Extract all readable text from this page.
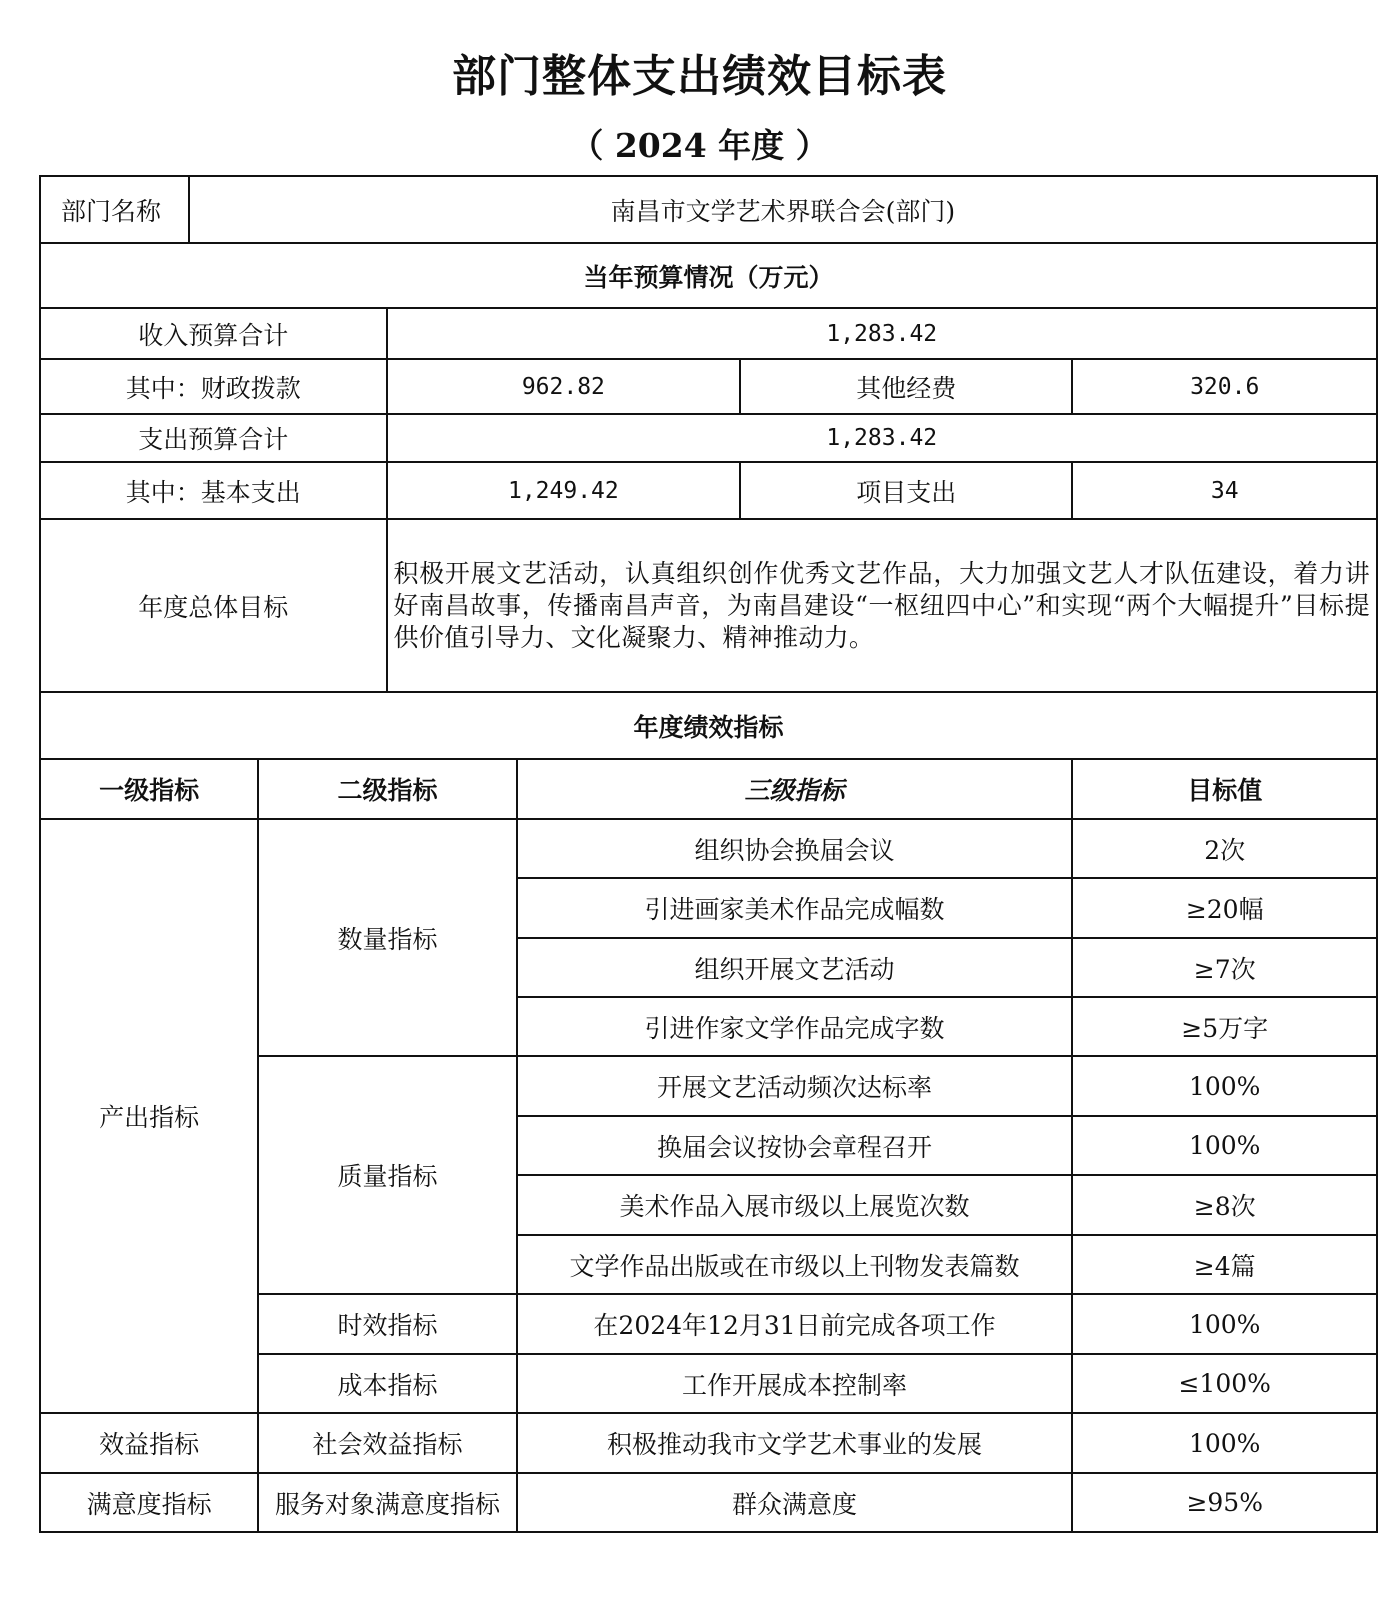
部门整体支出绩效目标表
（ 2024 年度 ）
部门名称	南昌市文学艺术界联合会(部门)					
当年预算情况（万元）						
收入预算合计			1,283.42			
其中：财政拨款			962.82		其他经费	320.6
支出预算合计			1,283.42			
其中：基本支出			1,249.42		项目支出	34
年度总体目标			积极开展文艺活动，认真组织创作优秀文艺作品，大力加强文艺人才队伍建设，着力讲好南昌故事，传播南昌声音，为南昌建设“一枢纽四中心”和实现“两个大幅提升”目标提供价值引导力、文化凝聚力、精神推动力。			
年度绩效指标						
一级指标		二级指标		三级指标		目标值
产出指标		数量指标		组织协会换届会议		2次
				引进画家美术作品完成幅数		≥20幅
				组织开展文艺活动		≥7次
				引进作家文学作品完成字数		≥5万字
		质量指标		开展文艺活动频次达标率		100%
				换届会议按协会章程召开		100%
				美术作品入展市级以上展览次数		≥8次
				文学作品出版或在市级以上刊物发表篇数		≥4篇
		时效指标		在2024年12月31日前完成各项工作		100%
		成本指标		工作开展成本控制率		≤100%
效益指标		社会效益指标		积极推动我市文学艺术事业的发展		100%
满意度指标		服务对象满意度指标		群众满意度		≥95%
